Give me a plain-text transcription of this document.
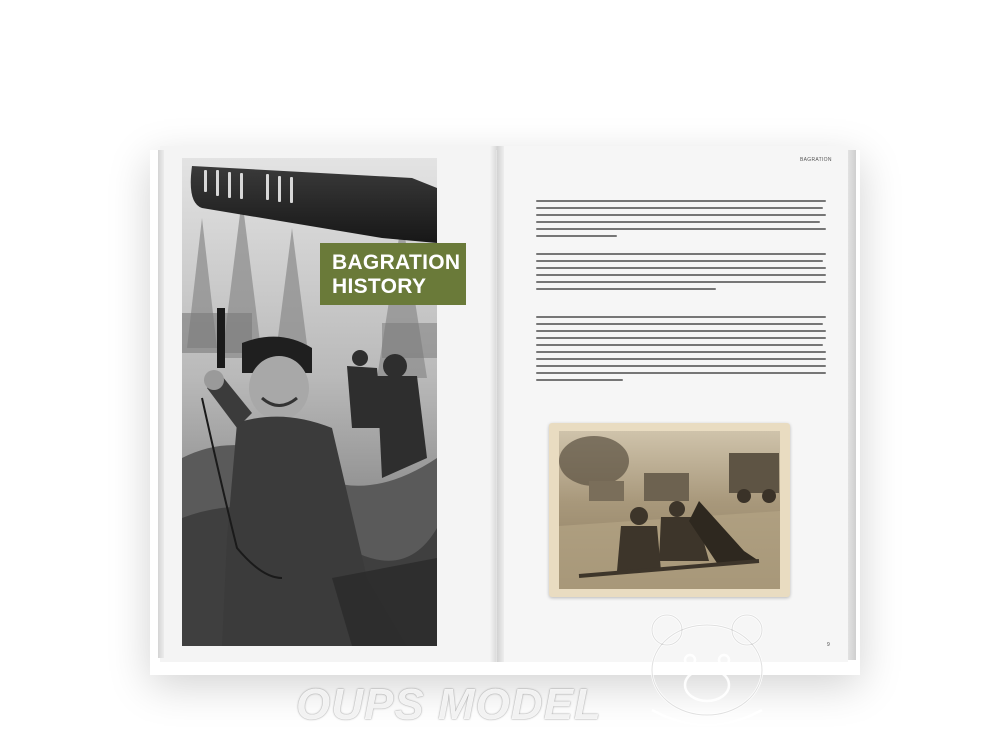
BAGRATION
HISTORY
BAGRATION
9
OUPS MODEL
